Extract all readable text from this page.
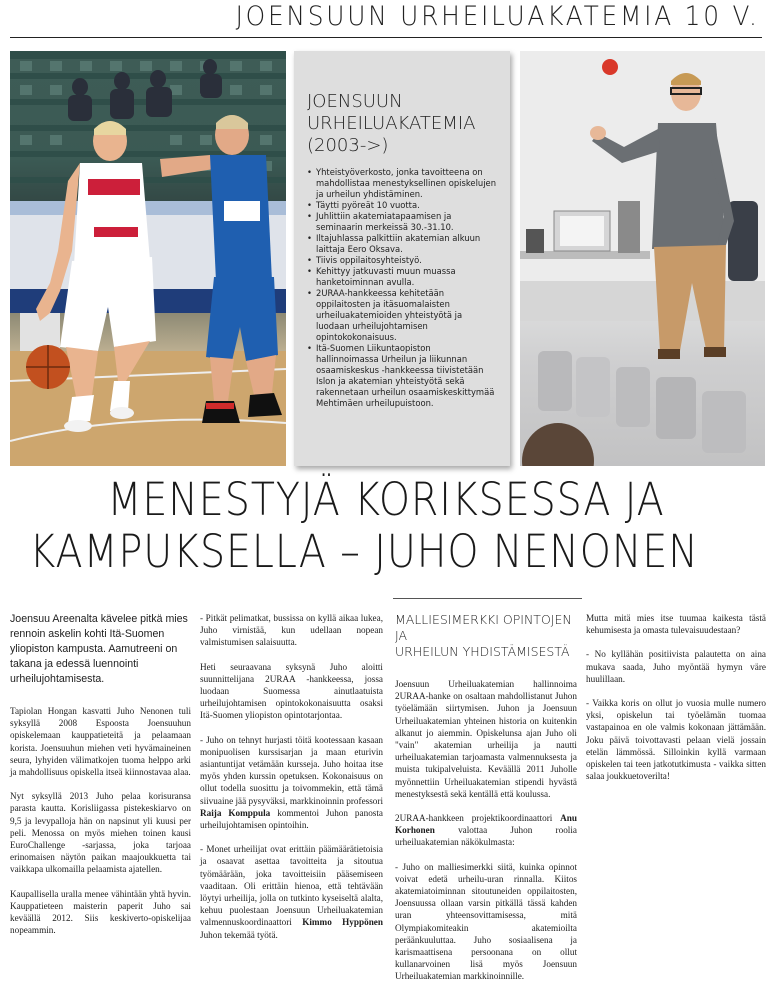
JOENSUUN URHEILUAKATEMIA 10 V.
JOENSUUN
URHEILUAKATEMIA
(2003->)
• Yhteistyöverkosto, jonka tavoitteena on mahdollistaa menestyksellinen opiskelujen ja urheilun yhdistäminen.
• Täytti pyöreät 10 vuotta.
• Juhlittiin akatemiatapaamisen ja seminaarin merkeissä 30.-31.10.
• Iltajuhlassa palkittiin akatemian alkuun laittaja Eero Oksava.
• Tiivis oppilaitosyhteistyö.
• Kehittyy jatkuvasti muun muassa hanketoiminnan avulla.
• 2URAA-hankkeessa kehitetään oppilaitosten ja itäsuomalaisten urheiluakatemioiden yhteistyötä ja luodaan urheilujohtamisen opintokokonaisuus.
• Itä-Suomen Liikuntaopiston hallinnoimassa Urheilun ja liikunnan osaamiskeskus -hankkeessa tiivistetään Islon ja akatemian yhteistyötä sekä rakennetaan urheilun osaamiskeskittymää Mehtimäen urheilupuistoon.
MENESTYJÄ KORIKSESSA JA
KAMPUKSELLA – JUHO NENONEN

Joensuu Areenalta kävelee pitkä mies rennoin askelin kohti Itä-Suomen yliopiston kampusta. Aamutreeni on takana ja edessä luennointi urheilujohtamisesta.

Tapiolan Hongan kasvatti Juho Nenonen tuli syksyllä 2008 Espoosta Joensuuhun opiskelemaan kauppatieteitä ja pelaamaan koristа. Joensuuhun miehen veti hyvämaineinen seura, lyhyiden välimatkojen tuoma helppo arki ja mahdollisuus opiskella itseä kiinnostavaa alaa.

Nyt syksyllä 2013 Juho pelaa korisuransa parasta kautta. Korisliigassa pistekeskiarvo on 9,5 ja levypalloja hän on napsinut yli kuusi per peli. Menossa on myös miehen toinen kausi EuroChallenge -sarjassa, joka tarjoaa erinomaisen näytön paikan maajoukkuetta tai vaikkapa ulkomailla pelaamista ajatellen.

Kaupallisella uralla menee vähintään yhtä hyvin. Kauppatieteen maisterin paperit Juho sai keväällä 2012. Siis keskiverto-opiskelijaa nopeammin.

- Pitkät pelimatkat, bussissa on kyllä aikaa lukea, Juho virnistää, kun udellaan nopean valmistumisen salaisuutta.

Heti seuraavana syksynä Juho aloitti suunnittelijana 2URAA -hankkeessa, jossa luodaan Suomessa ainutlaatuista urheilujohtamisen opintokokonaisuutta osaksi Itä-Suomen yliopiston opintotarjontaa.

- Juho on tehnyt hurjasti töitä kootessaan kasaan monipuolisen kurssisarjan ja maan eturivin asiantuntijat vetämään kursseja. Juho hoitaa itse myös yhden kurssin opetuksen. Kokonaisuus on ollut todella suosittu ja toivommekin, että tämä siivuaine jää pysyväksi, markkinoinnin professori Raija Komppula kommentoi Juhon panosta urheilujohtamisen opintoihin.

- Monet urheilijat ovat erittäin päämäärätietoisia ja osaavat asettaa tavoitteita ja sitoutua työmäärään, joka tavoitteisiin pääsemiseen vaaditaan. Oli erittäin hienoa, että tehtävään löytyi urheilija, jolla on tutkinto kyseiseltä alalta, kehuu puolestaan Joensuun Urheiluakatemian valmennuskoordinaattori Kimmo Hyppönen Juhon tekemää työtä.

MALLIESIMERKKI OPINTOJEN JA
URHEILUN YHDISTÄMISESTÄ

Joensuun Urheiluakatemian hallinnoima 2URAA-hanke on osaltaan mahdollistanut Juhon työelämään siirtymisen. Juhon ja Joensuun Urheiluakatemian yhteinen historia on kuitenkin alkanut jo aiemmin. Opiskelunsa ajan Juho oli "vain" akatemian urheilija ja nautti urheiluakatemian tarjoamasta valmennuksesta ja muista tukipalveluista. Keväällä 2011 Juholle myönnettiin Urheiluakatemian stipendi hyvästä menestyksestä sekä kentällä että koulussa.

2URAA-hankkeen projektikoordinaattori Anu Korhonen valottaa Juhon roolia urheiluakatemian näkökulmasta:

- Juho on malliesimerkki siitä, kuinka opinnot voivat edetä urheilu-uran rinnalla. Kiitos akatemiatoiminnan sitoutuneiden oppilaitosten, Joensuussa ollaan varsin pitkällä tässä kahden uran yhteensovittamisessa, mitä Olympiakomiteakin akatemioilta peräänkuuluttaa. Juho sosiaalisena ja karismaattisena persoonana on ollut kullanarvoinen lisä myös Joensuun Urheiluakatemian markkinoinnille.

Mutta mitä mies itse tuumaa kaikesta tästä kehumisesta ja omasta tulevaisuudestaan?

- No kyllähän positiivista palautetta on aina mukava saada, Juho myöntää hymyn väre huulillaan.

- Vaikka koris on ollut jo vuosia mulle numero yksi, opiskelun tai työelämän tuomaa vastapainoa en ole valmis kokonaan jättämään. Joku päivä toivottavasti pelaan vielä jossain etelän lämmössä. Silloinkin kyllä varmaan opiskelen tai teen jatkotutkimusta - vaikka sitten salaa joukkuetoveriltа!
